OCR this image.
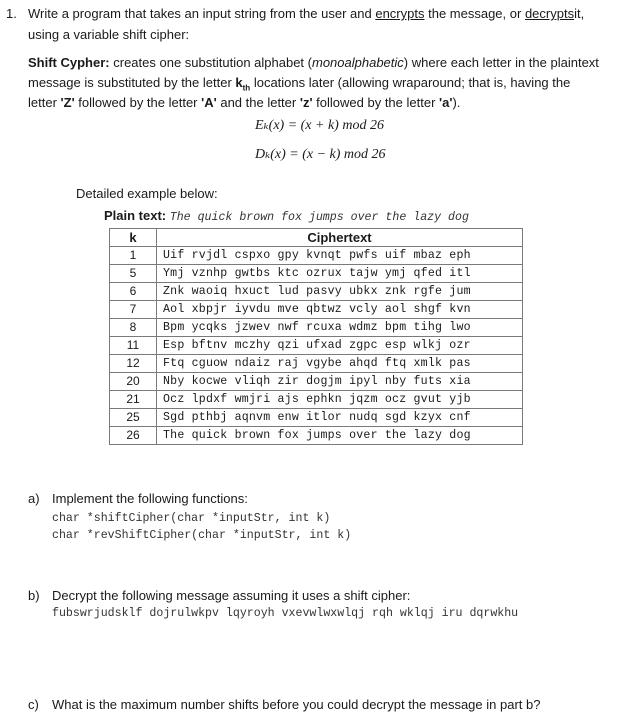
1. Write a program that takes an input string from the user and encrypts the message, or decryptsit,
using a variable shift cipher:
Shift Cypher: creates one substitution alphabet (monoalphabetic) where each letter in the plaintext
message is substituted by the letter $k_{th}$ locations later (allowing wraparound; that is, having the
letter 'Z' followed by the letter 'A' and the letter 'z' followed by the letter 'a').
Eₖ(x) = (x + k) mod 26
Dₖ(x) = (x − k) mod 26
Detailed example below:
Plain text: The quick brown fox jumps over the lazy dog
k	Ciphertext
1	Uif rvjdl cspxo gpy kvnqt pwfs uif mbaz eph
5	Ymj vznhp gwtbs ktc ozrux tajw ymj qfed itl
6	Znk waoiq hxuct lud pasvy ubkx znk rgfe jum
7	Aol xbpjr iyvdu mve qbtwz vcly aol shgf kvn
8	Bpm ycqks jzwev nwf rcuxa wdmz bpm tihg lwo
11	Esp bftnv mczhy qzi ufxad zgpc esp wlkj ozr
12	Ftq cguow ndaiz raj vgybe ahqd ftq xmlk pas
20	Nby kocwe vliqh zir dogjm ipyl nby futs xia
21	Ocz lpdxf wmjri ajs ephkn jqzm ocz gvut yjb
25	Sgd pthbj aqnvm enw itlor nudq sgd kzyx cnf
26	The quick brown fox jumps over the lazy dog
a) Implement the following functions:
char *shiftCipher(char *inputStr, int k)
char *revShiftCipher(char *inputStr, int k)
b) Decrypt the following message assuming it uses a shift cipher:
fubswrjudsklf dojrulwkpv lqyroyh vxevwlwxwlqj rqh wklqj iru dqrwkhu
c) What is the maximum number shifts before you could decrypt the message in part b?
